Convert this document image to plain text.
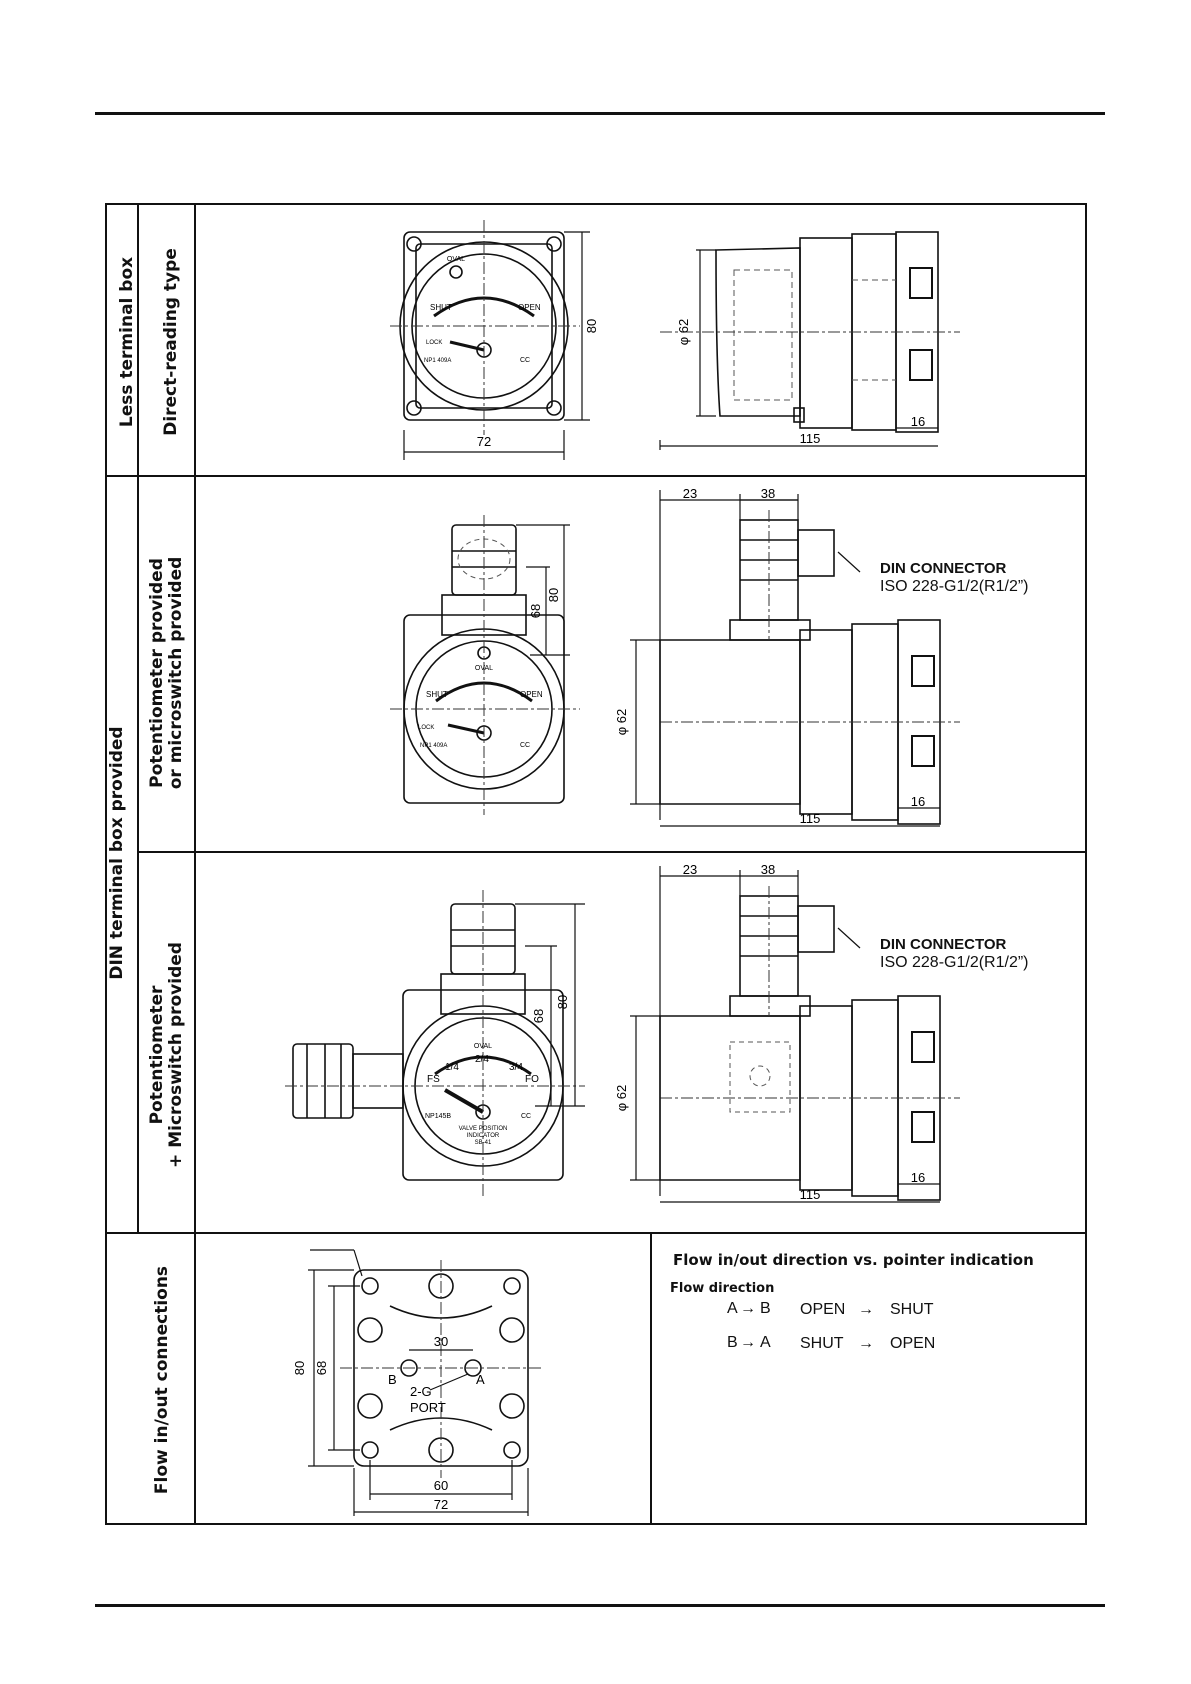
Less terminal box	Direct-reading type
DIN terminal box provided
Potentiometer provided
or microswitch provided
Potentiometer
+ Microswitch provided
Flow in/out connections
72
80
OVAL
SHUT	OPEN
LOCK
NP1 409A	CC
φ 62
115
16
68
80
OVAL
SHUT	OPEN
LOCK
NP1 409A	CC
23	38
φ 62
115
16
DIN CONNECTOR
ISO 228-G1/2(R1/2”)
68
80
OVAL
1/4
2/4
3/4
FS	FO
NP145B	CC
VALVE POSITION
INDICATOR
SB-41
23	38
φ 62
115
16
DIN CONNECTOR
ISO 228-G1/2(R1/2”)
80 68
30
60
72
B	A
2-G
PORT
Flow in/out direction vs. pointer indication
Flow direction
A → B OPEN → SHUT
B → A SHUT → OPEN
